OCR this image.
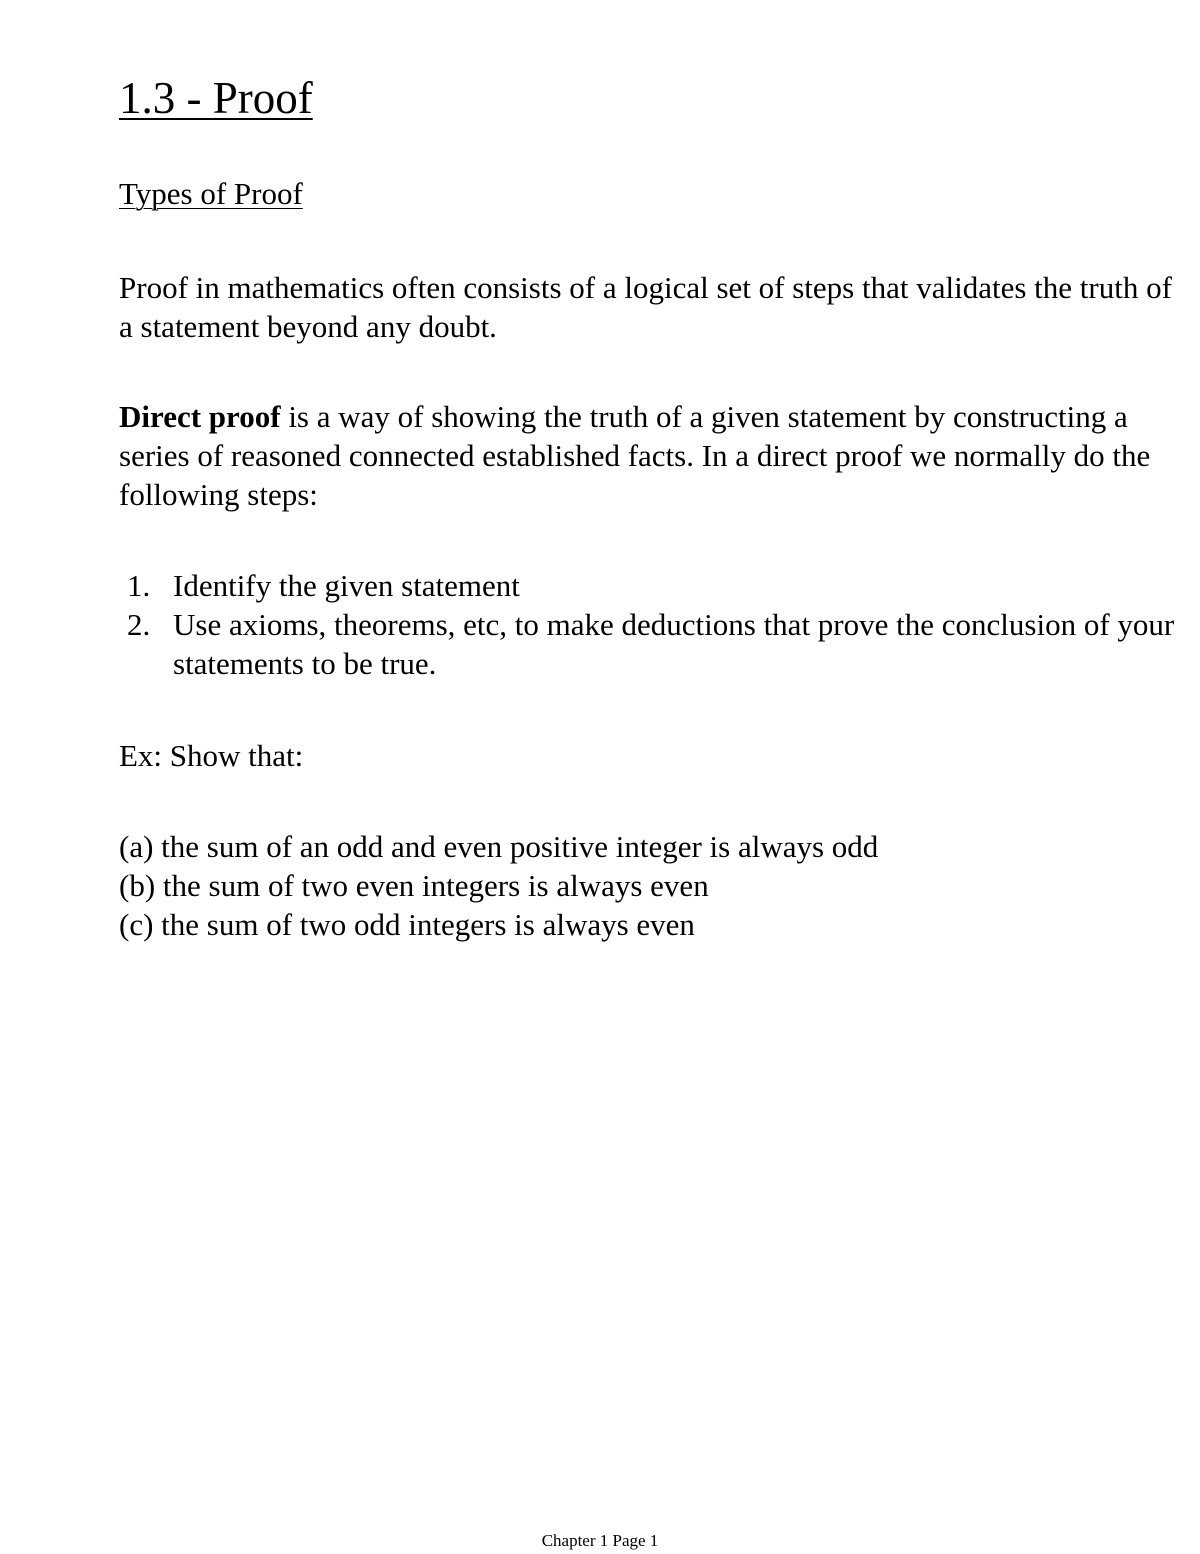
1.3 - Proof
Types of Proof

Proof in mathematics often consists of a logical set of steps that validates the truth of a statement beyond any doubt.

Direct proof is a way of showing the truth of a given statement by constructing a series of reasoned connected established facts. In a direct proof we normally do the following steps:

1. Identify the given statement
2. Use axioms, theorems, etc, to make deductions that prove the conclusion of your statements to be true.

Ex: Show that:

(a) the sum of an odd and even positive integer is always odd
(b) the sum of two even integers is always even
(c) the sum of two odd integers is always even
Chapter 1 Page 1
